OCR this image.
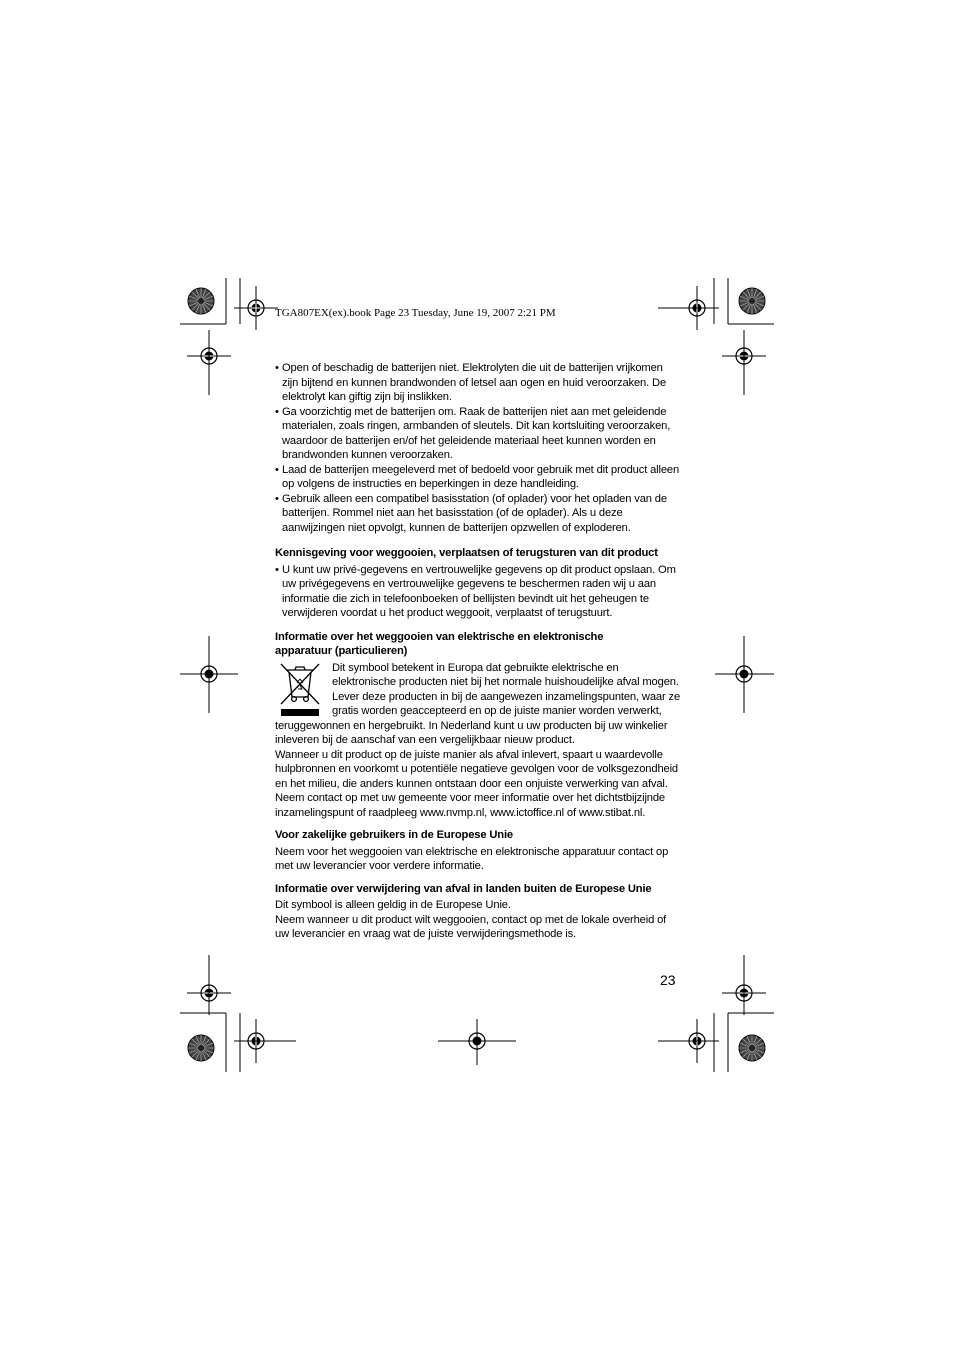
TGA807EX(ex).book Page 23 Tuesday, June 19, 2007 2:21 PM

• Open of beschadig de batterijen niet. Elektrolyten die uit de batterijen vrijkomen zijn bijtend en kunnen brandwonden of letsel aan ogen en huid veroorzaken. De elektrolyt kan giftig zijn bij inslikken.

• Ga voorzichtig met de batterijen om. Raak de batterijen niet aan met geleidende materialen, zoals ringen, armbanden of sleutels. Dit kan kortsluiting veroorzaken, waardoor de batterijen en/of het geleidende materiaal heet kunnen worden en brandwonden kunnen veroorzaken.

• Laad de batterijen meegeleverd met of bedoeld voor gebruik met dit product alleen op volgens de instructies en beperkingen in deze handleiding.

• Gebruik alleen een compatibel basisstation (of oplader) voor het opladen van de batterijen. Rommel niet aan het basisstation (of de oplader). Als u deze aanwijzingen niet opvolgt, kunnen de batterijen opzwellen of exploderen.

Kennisgeving voor weggooien, verplaatsen of terugsturen van dit product

• U kunt uw privé-gegevens en vertrouwelijke gegevens op dit product opslaan. Om uw privégegevens en vertrouwelijke gegevens te beschermen raden wij u aan informatie die zich in telefoonboeken of bellijsten bevindt uit het geheugen te verwijderen voordat u het product weggooit, verplaatst of terugstuurt.

Informatie over het weggooien van elektrische en elektronische apparatuur (particulieren)

Dit symbool betekent in Europa dat gebruikte elektrische en elektronische producten niet bij het normale huishoudelijke afval mogen.

Lever deze producten in bij de aangewezen inzamelingspunten, waar ze gratis worden geaccepteerd en op de juiste manier worden verwerkt, teruggewonnen en hergebruikt. In Nederland kunt u uw producten bij uw winkelier inleveren bij de aanschaf van een vergelijkbaar nieuw product.

Wanneer u dit product op de juiste manier als afval inlevert, spaart u waardevolle hulpbronnen en voorkomt u potentiële negatieve gevolgen voor de volksgezondheid en het milieu, die anders kunnen ontstaan door een onjuiste verwerking van afval. Neem contact op met uw gemeente voor meer informatie over het dichtstbijzijnde inzamelingspunt of raadpleeg www.nvmp.nl, www.ictoffice.nl of www.stibat.nl.

Voor zakelijke gebruikers in de Europese Unie

Neem voor het weggooien van elektrische en elektronische apparatuur contact op met uw leverancier voor verdere informatie.

Informatie over verwijdering van afval in landen buiten de Europese Unie

Dit symbool is alleen geldig in de Europese Unie.

Neem wanneer u dit product wilt weggooien, contact op met de lokale overheid of uw leverancier en vraag wat de juiste verwijderingsmethode is.

23
